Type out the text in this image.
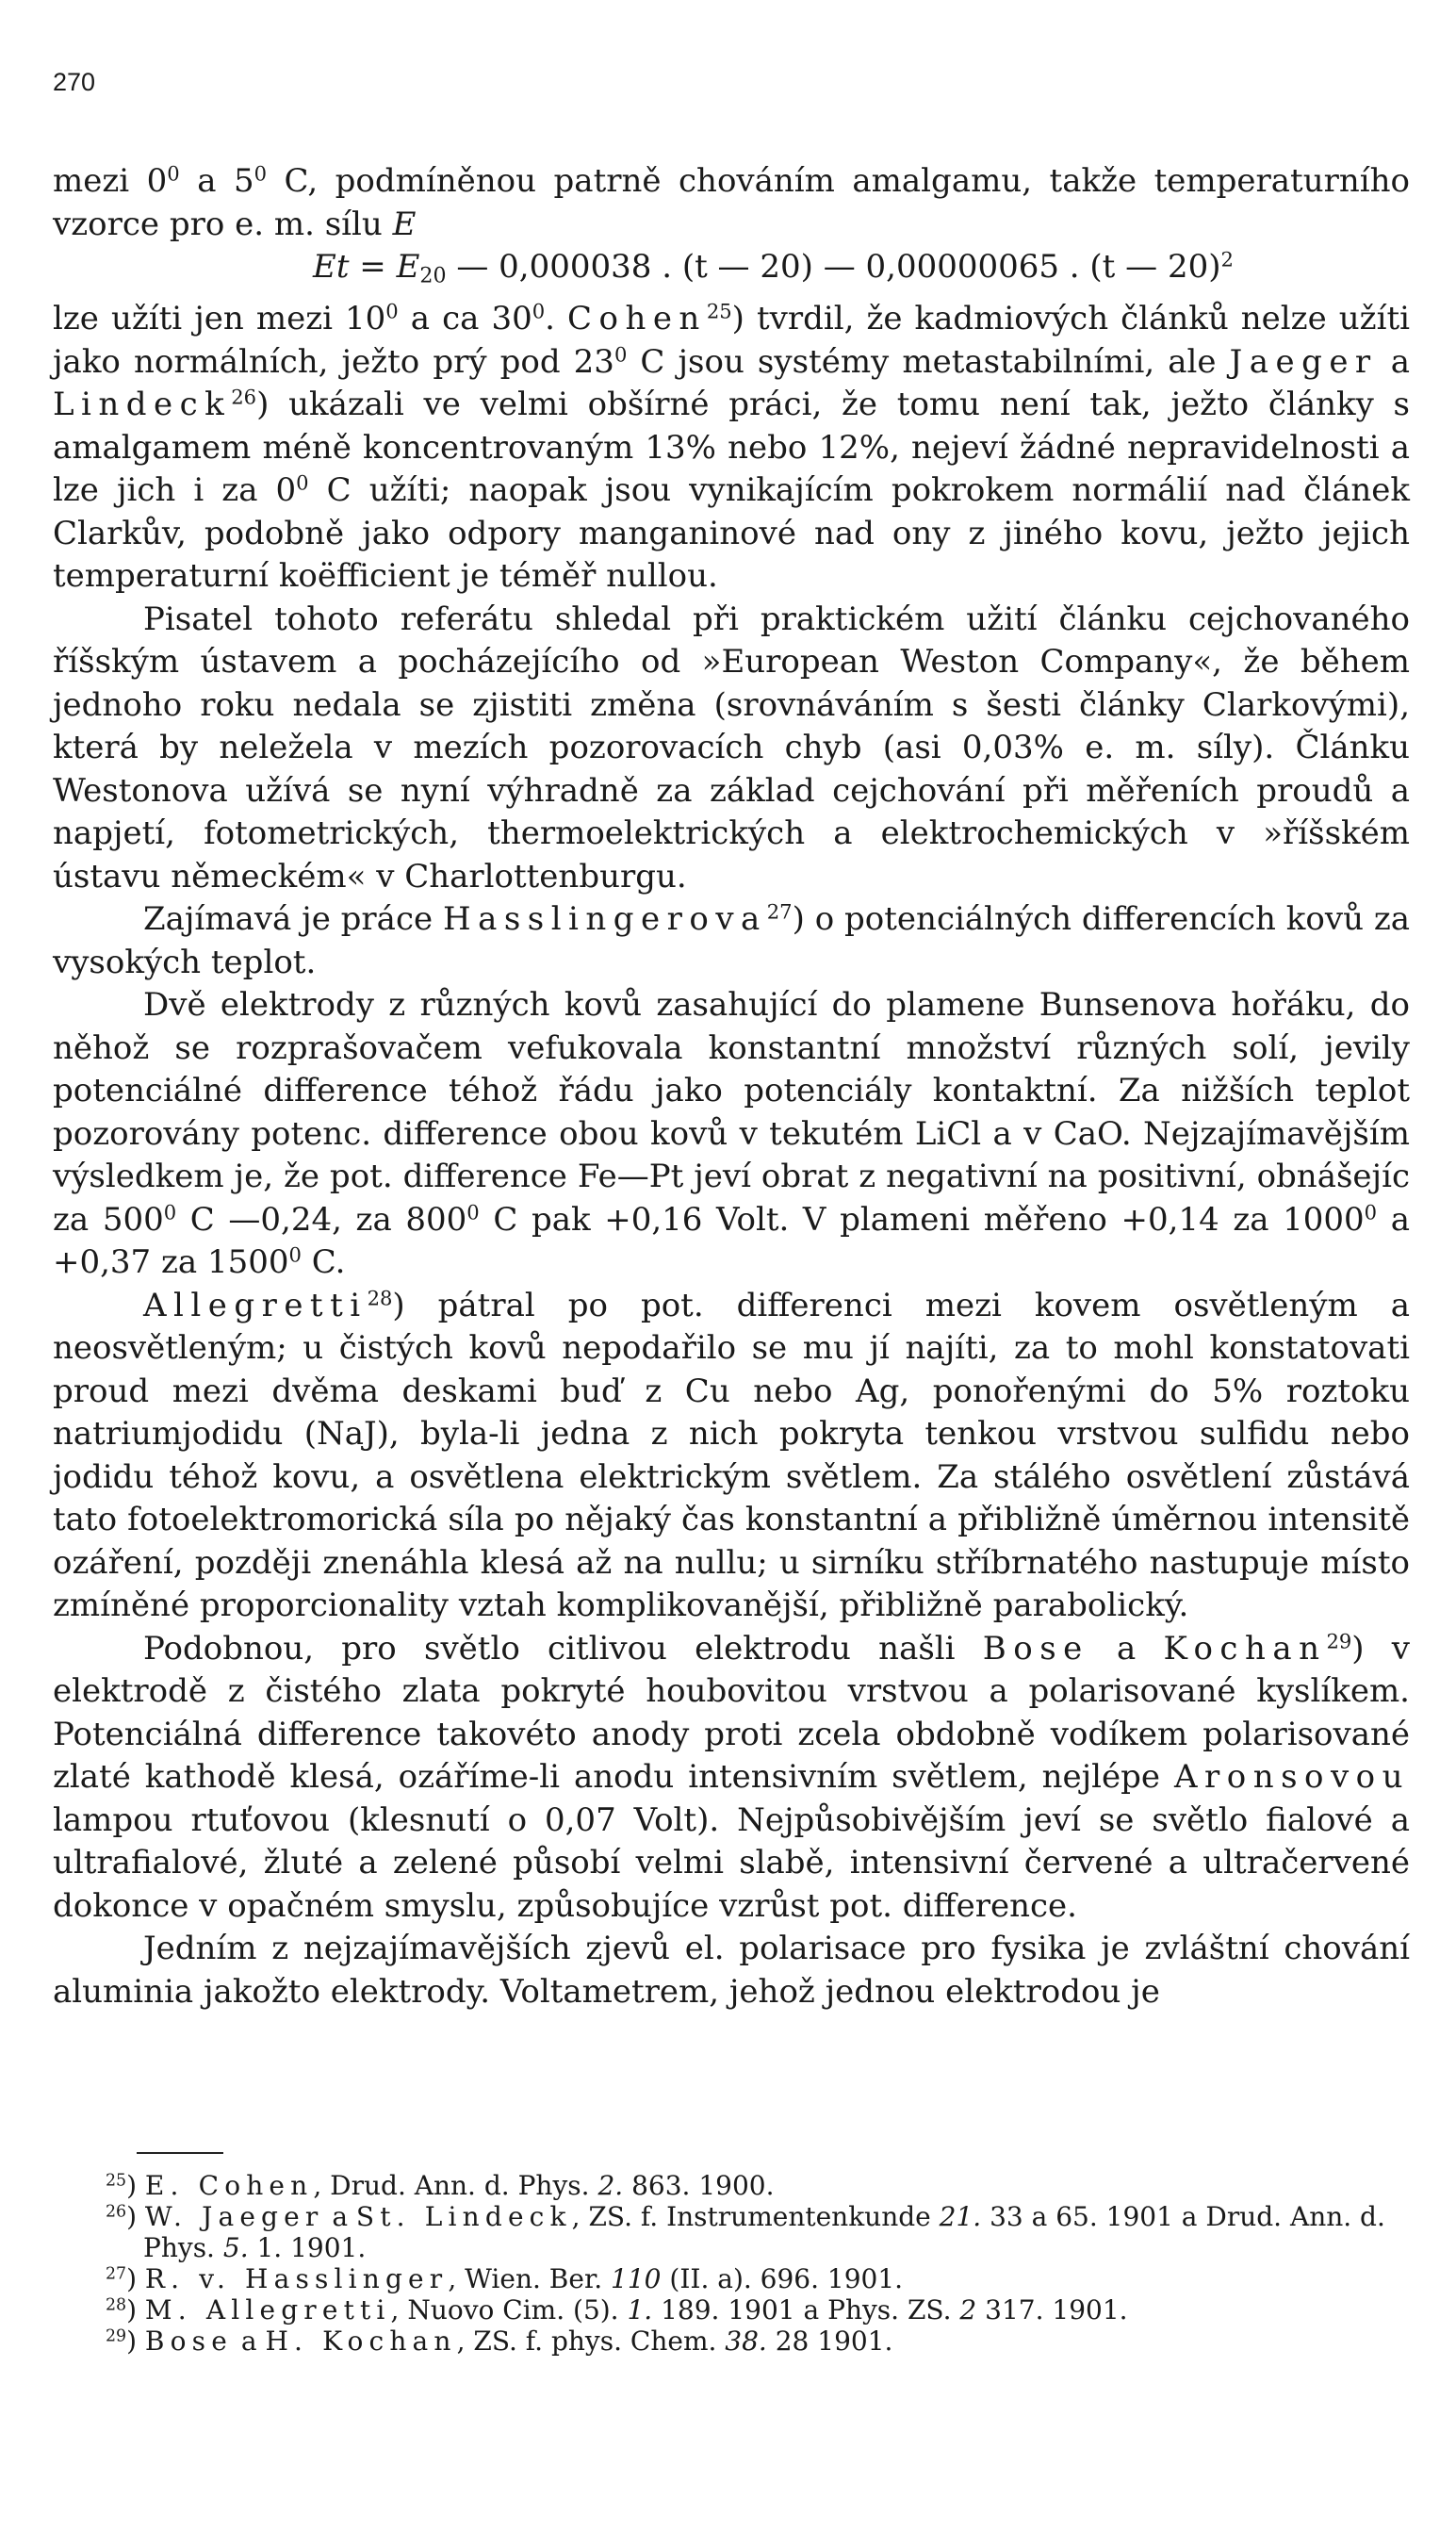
270

mezi $0^0$ a $5^0$ C, podmíněnou patrně chováním amalgamu, takže temperaturního vzorce pro e. m. sílu E

$Et = E_{20}$ — 0,000038 . (t — 20) — 0,00000065 . (t — 20)$^2$

lze užíti jen mezi $10^0$ a ca $30^0$. Cohen$^{25}$) tvrdil, že kadmiových článků nelze užíti jako normálních, ježto prý pod $23^0$ C jsou systémy metastabilními, ale Jaeger a Lindeck$^{26}$) ukázali ve velmi obšírné práci, že tomu není tak, ježto články s amalgamem méně koncentrovaným 13% nebo 12%, nejeví žádné nepravidelnosti a lze jich i za $0^0$ C užíti; naopak jsou vynikajícím pokrokem normálií nad článek Clarkův, podobně jako odpory manganinové nad ony z jiného kovu, ježto jejich temperaturní koëfficient je téměř nullou.

Pisatel tohoto referátu shledal při praktickém užití článku cejchovaného říšským ústavem a pocházejícího od »European Weston Company«, že během jednoho roku nedala se zjistiti změna (srovnáváním s šesti články Clarkovými), která by neležela v mezích pozorovacích chyb (asi 0,03% e. m. síly). Článku Westonova užívá se nyní výhradně za základ cejchování při měřeních proudů a napjetí, fotometrických, thermoelektrických a elektrochemických v »říšském ústavu německém« v Charlottenburgu.

Zajímavá je práce Hasslingerova$^{27}$) o potenciálných differencích kovů za vysokých teplot.

Dvě elektrody z různých kovů zasahující do plamene Bunsenova hořáku, do něhož se rozprašovačem vefukovala konstantní množství různých solí, jevily potenciálné difference téhož řádu jako potenciály kontaktní. Za nižších teplot pozorovány potenc. difference obou kovů v tekutém LiCl a v CaO. Nejzajímavějším výsledkem je, že pot. difference Fe—Pt jeví obrat z negativní na positivní, obnášejíc za $500^0$ C —0,24, za $800^0$ C pak +0,16 Volt. V plameni měřeno +0,14 za 1000$^0$ a +0,37 za 1500$^0$ C.

Allegretti$^{28}$) pátral po pot. differenci mezi kovem osvětleným a neosvětleným; u čistých kovů nepodařilo se mu jí najíti, za to mohl konstatovati proud mezi dvěma deskami buď z Cu nebo Ag, ponořenými do 5% roztoku natriumjodidu (NaJ), byla-li jedna z nich pokryta tenkou vrstvou sulfidu nebo jodidu téhož kovu, a osvětlena elektrickým světlem. Za stálého osvětlení zůstává tato fotoelektromorická síla po nějaký čas konstantní a přibližně úměrnou intensitě ozáření, později znenáhla klesá až na nullu; u sirníku stříbrnatého nastupuje místo zmíněné proporcionality vztah komplikovanější, přibližně parabolický.

Podobnou, pro světlo citlivou elektrodu našli Bose a Kochan$^{29}$) v elektrodě z čistého zlata pokryté houbovitou vrstvou a polarisované kyslíkem. Potenciálná difference takovéto anody proti zcela obdobně vodíkem polarisované zlaté kathodě klesá, ozáříme-li anodu intensivním světlem, nejlépe Aronsovou lampou rtuťovou (klesnutí o 0,07 Volt). Nejpůsobivějším jeví se světlo fialové a ultrafialové, žluté a zelené působí velmi slabě, intensivní červené a ultračervené dokonce v opačném smyslu, způsobujíce vzrůst pot. difference.

Jedním z nejzajímavějších zjevů el. polarisace pro fysika je zvláštní chování aluminia jakožto elektrody. Voltametrem, jehož jednou elektrodou je

$^{25}$) E. Cohen, Drud. Ann. d. Phys. 2. 863. 1900.

$^{26}$) W. Jaeger a St. Lindeck, ZS. f. Instrumentenkunde 21. 33 a 65. 1901 a Drud. Ann. d. Phys. 5. 1. 1901.

$^{27}$) R. v. Hasslinger, Wien. Ber. 110 (II. a). 696. 1901.

$^{28}$) M. Allegretti, Nuovo Cim. (5). 1. 189. 1901 a Phys. ZS. 2 317. 1901.

$^{29}$) Bose a H. Kochan, ZS. f. phys. Chem. 38. 28 1901.
